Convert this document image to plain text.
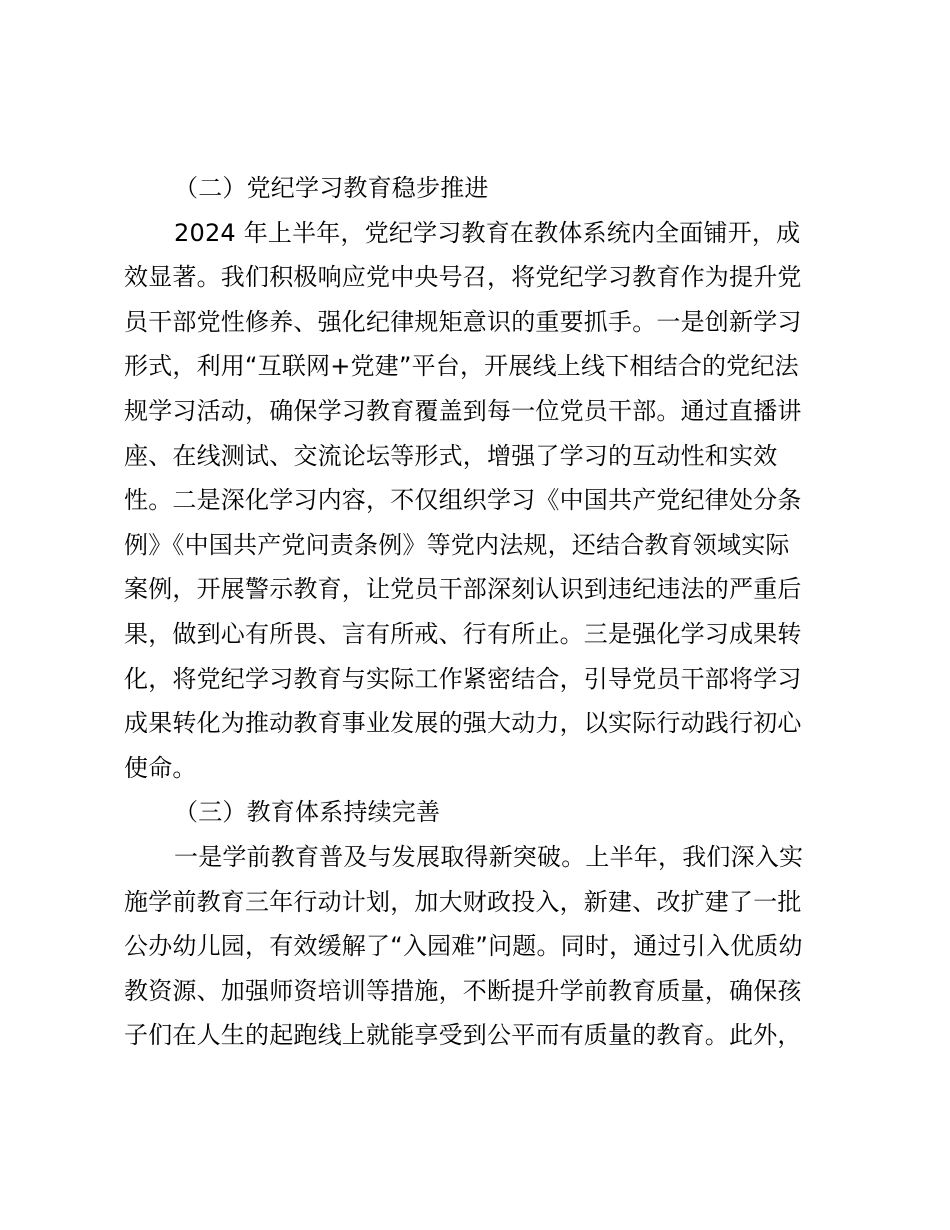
（二）党纪学习教育稳步推进
2024 年上半年，党纪学习教育在教体系统内全面铺开，成
效显著。我们积极响应党中央号召，将党纪学习教育作为提升党
员干部党性修养、强化纪律规矩意识的重要抓手。一是创新学习
形式，利用“互联网+党建”平台，开展线上线下相结合的党纪法
规学习活动，确保学习教育覆盖到每一位党员干部。通过直播讲
座、在线测试、交流论坛等形式，增强了学习的互动性和实效
性。二是深化学习内容，不仅组织学习《中国共产党纪律处分条
例》《中国共产党问责条例》等党内法规，还结合教育领域实际
案例，开展警示教育，让党员干部深刻认识到违纪违法的严重后
果，做到心有所畏、言有所戒、行有所止。三是强化学习成果转
化，将党纪学习教育与实际工作紧密结合，引导党员干部将学习
成果转化为推动教育事业发展的强大动力，以实际行动践行初心
使命。
（三）教育体系持续完善
一是学前教育普及与发展取得新突破。上半年，我们深入实
施学前教育三年行动计划，加大财政投入，新建、改扩建了一批
公办幼儿园，有效缓解了“入园难”问题。同时，通过引入优质幼
教资源、加强师资培训等措施，不断提升学前教育质量，确保孩
子们在人生的起跑线上就能享受到公平而有质量的教育。此外，
